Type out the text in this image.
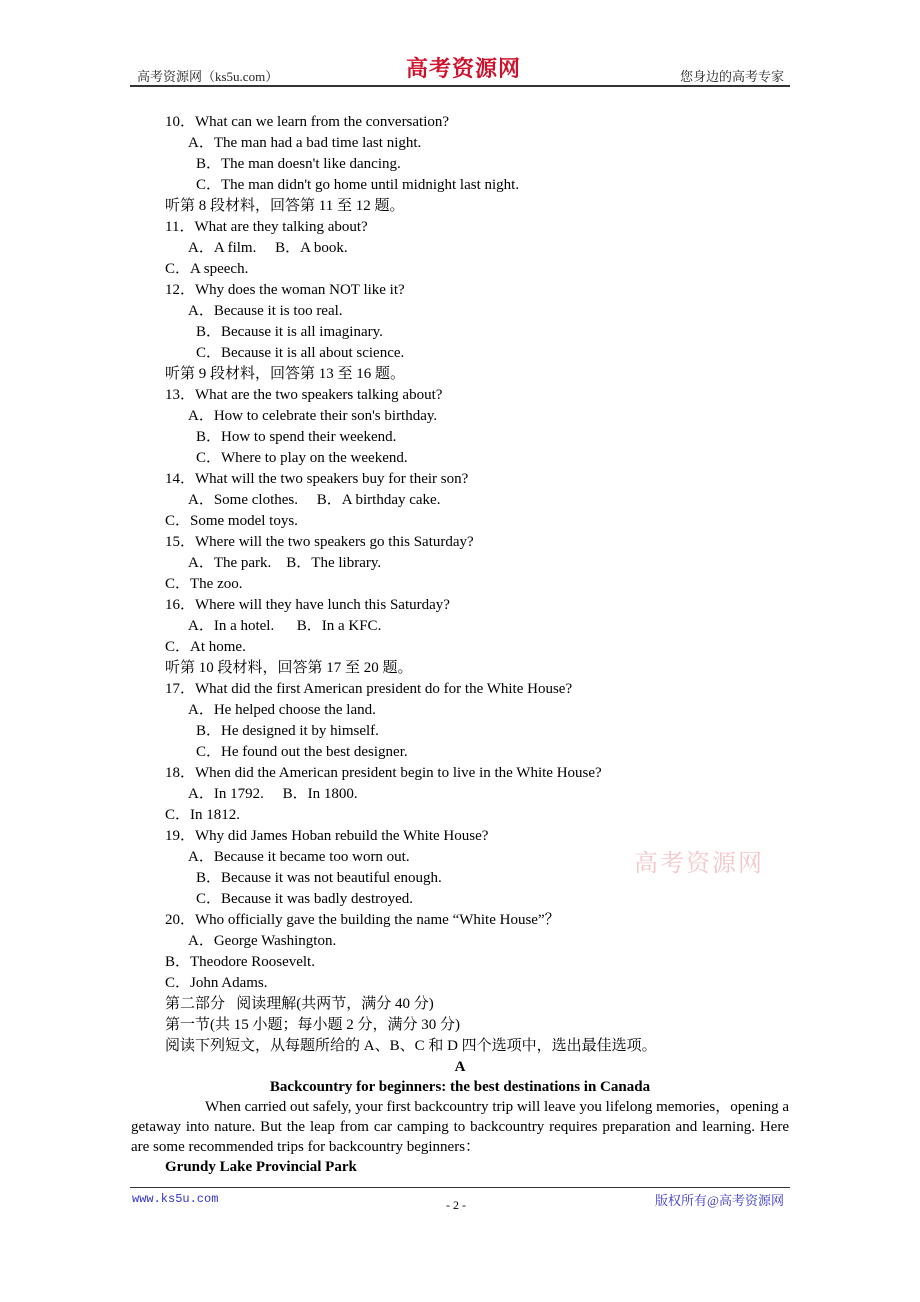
高考资源网（ks5u.com）	高考资源网	您身边的高考专家
10．What can we learn from the conversation?
A．The man had a bad time last night.
B．The man doesn't like dancing.
C．The man didn't go home until midnight last night.
听第 8 段材料，回答第 11 至 12 题。
11．What are they talking about?
A．A film.     B．A book.
C．A speech.
12．Why does the woman NOT like it?
A．Because it is too real.
B．Because it is all imaginary.
C．Because it is all about science.
听第 9 段材料，回答第 13 至 16 题。
13．What are the two speakers talking about?
A．How to celebrate their son's birthday.
B．How to spend their weekend.
C．Where to play on the weekend.
14．What will the two speakers buy for their son?
A．Some clothes.     B．A birthday cake.
C．Some model toys.
15．Where will the two speakers go this Saturday?
A．The park.    B．The library.
C．The zoo.
16．Where will they have lunch this Saturday?
A．In a hotel.      B．In a KFC.
C．At home.
听第 10 段材料，回答第 17 至 20 题。
17．What did the first American president do for the White House?
A．He helped choose the land.
B．He designed it by himself.
C．He found out the best designer.
18．When did the American president begin to live in the White House?
A．In 1792.     B．In 1800.
C．In 1812.
19．Why did James Hoban rebuild the White House?
A．Because it became too worn out.
B．Because it was not beautiful enough.
C．Because it was badly destroyed.
20．Who officially gave the building the name “White House”？
A．George Washington.
B．Theodore Roosevelt.
C．John Adams.
第二部分   阅读理解(共两节，满分 40 分)
第一节(共 15 小题；每小题 2 分，满分 30 分)
阅读下列短文，从每题所给的 A、B、C 和 D 四个选项中，选出最佳选项。
A
Backcountry for beginners: the best destinations in Canada

When carried out safely, your first backcountry trip will leave you lifelong memories，opening a getaway into nature. But the leap from car camping to backcountry requires preparation and learning. Here are some recommended trips for backcountry beginners：

Grundy Lake Provincial Park
高考资源网
www.ks5u.com	- 2 -	版权所有@高考资源网
